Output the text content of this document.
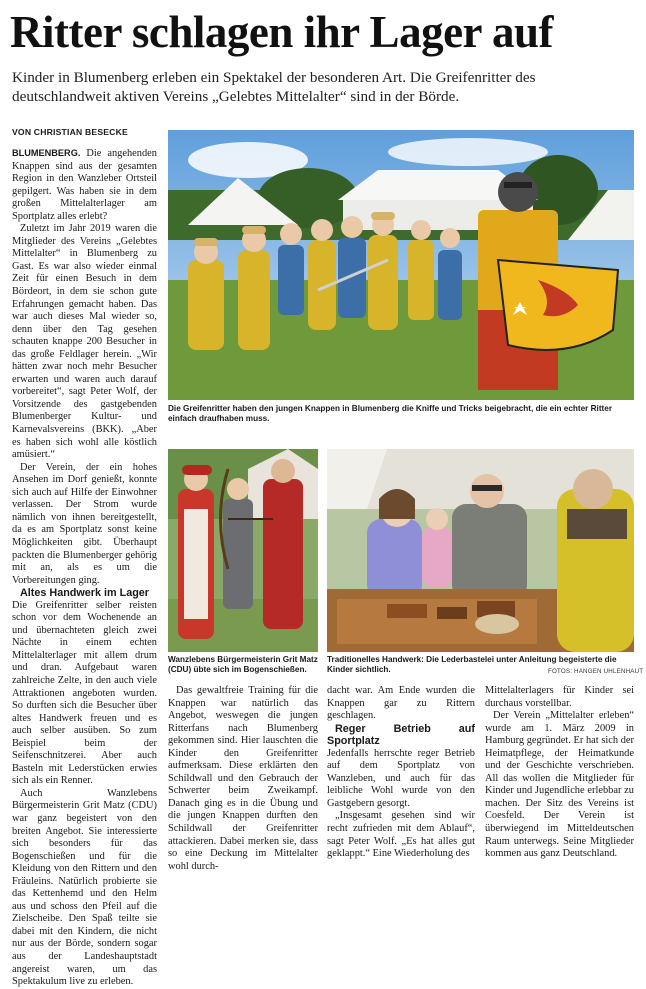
Ritter schlagen ihr Lager auf
Kinder in Blumenberg erleben ein Spektakel der besonderen Art. Die Greifenritter des deutschlandweit aktiven Vereins „Gelebtes Mittelalter“ sind in der Börde.
VON CHRISTIAN BESECKE

BLUMENBERG. Die angehenden Knappen sind aus der gesamten Region in den Wanzleber Ortsteil gepilgert. Was haben sie in dem großen Mittelalterlager am Sportplatz alles erlebt?

Zuletzt im Jahr 2019 waren die Mitglieder des Vereins „Gelebtes Mittelalter“ in Blumenberg zu Gast. Es war also wieder einmal Zeit für einen Besuch in dem Bördeort, in dem sie schon gute Erfahrungen gemacht haben. Das war auch dieses Mal wieder so, denn über den Tag gesehen schauten knappe 200 Besucher in das große Feldlager herein. „Wir hätten zwar noch mehr Besucher erwarten und waren auch darauf vorbereitet“, sagt Peter Wolf, der Vorsitzende des gastgebenden Blumenberger Kultur- und Karnevalsvereins (BKK). „Aber es haben sich wohl alle köstlich amüsiert.“

Der Verein, der ein hohes Ansehen im Dorf genießt, konnte sich auch auf Hilfe der Einwohner verlassen. Der Strom wurde nämlich von ihnen bereitgestellt, da es am Sportplatz sonst keine Möglichkeiten gibt. Überhaupt packten die Blumenberger gehörig mit an, als es um die Vorbereitungen ging.

Altes Handwerk im Lager

Die Greifenritter selber reisten schon vor dem Wochenende an und übernachteten gleich zwei Nächte in einem echten Mittelalterlager mit allem drum und dran. Aufgebaut waren zahlreiche Zelte, in den auch viele Attraktionen angeboten wurden. So durften sich die Besucher über altes Handwerk freuen und es auch selber ausüben. So zum Beispiel beim der Seifenschnitzerei. Aber auch Basteln mit Lederstücken erwies sich als ein Renner.

Auch Wanzlebens Bürgermeisterin Grit Matz (CDU) war ganz begeistert von den breiten Angebot. Sie interessierte sich besonders für das Bogenschießen und für die Kleidung von den Rittern und den Fräuleins. Natürlich probierte sie das Kettenhemd und den Helm aus und schoss den Pfeil auf die Zielscheibe. Den Spaß teilte sie dabei mit den Kindern, die nicht nur aus der Börde, sondern sogar aus der Landeshauptstadt angereist waren, um das Spektakulum live zu erleben.

Die Greifenritter haben den jungen Knappen in Blumenberg die Kniffe und Tricks beigebracht, die ein echter Ritter einfach draufhaben muss.
Wanzlebens Bürgermeisterin Grit Matz (CDU) übte sich im Bogenschießen.
Traditionelles Handwerk: Die Lederbastelei unter Anleitung begeisterte die Kinder sichtlich.	FOTOS: HANGEN UHLENHAUT

Das gewaltfreie Training für die Knappen war natürlich das Angebot, weswegen die jungen Ritterfans nach Blumenberg gekommen sind. Hier lauschten die Kinder den Greifenritter aufmerksam. Diese erklärten den Schildwall und den Gebrauch der Schwerter beim Zweikampf. Danach ging es in die Übung und die jungen Knappen durften den Schildwall der Greifenritter attackieren. Dabei merken sie, dass so eine Deckung im Mittelalter wohl durch-

dacht war. Am Ende wurden die Knappen gar zu Rittern geschlagen.

Reger Betrieb auf Sportplatz

Jedenfalls herrschte reger Betrieb auf dem Sportplatz von Wanzleben, und auch für das leibliche Wohl wurde von den Gastgebern gesorgt.

„Insgesamt gesehen sind wir recht zufrieden mit dem Ablauf“, sagt Peter Wolf. „Es hat alles gut geklappt.“ Eine Wiederholung des

Mittelalterlagers für Kinder sei durchaus vorstellbar.

Der Verein „Mittelalter erleben“ wurde am 1. März 2009 in Hamburg gegründet. Er hat sich der Heimatpflege, der Heimatkunde und der Geschichte verschrieben. All das wollen die Mitglieder für Kinder und Jugendliche erlebbar zu machen. Der Sitz des Vereins ist Coesfeld. Der Verein ist überwiegend im Mitteldeutschen Raum unterwegs. Seine Mitglieder kommen aus ganz Deutschland.
